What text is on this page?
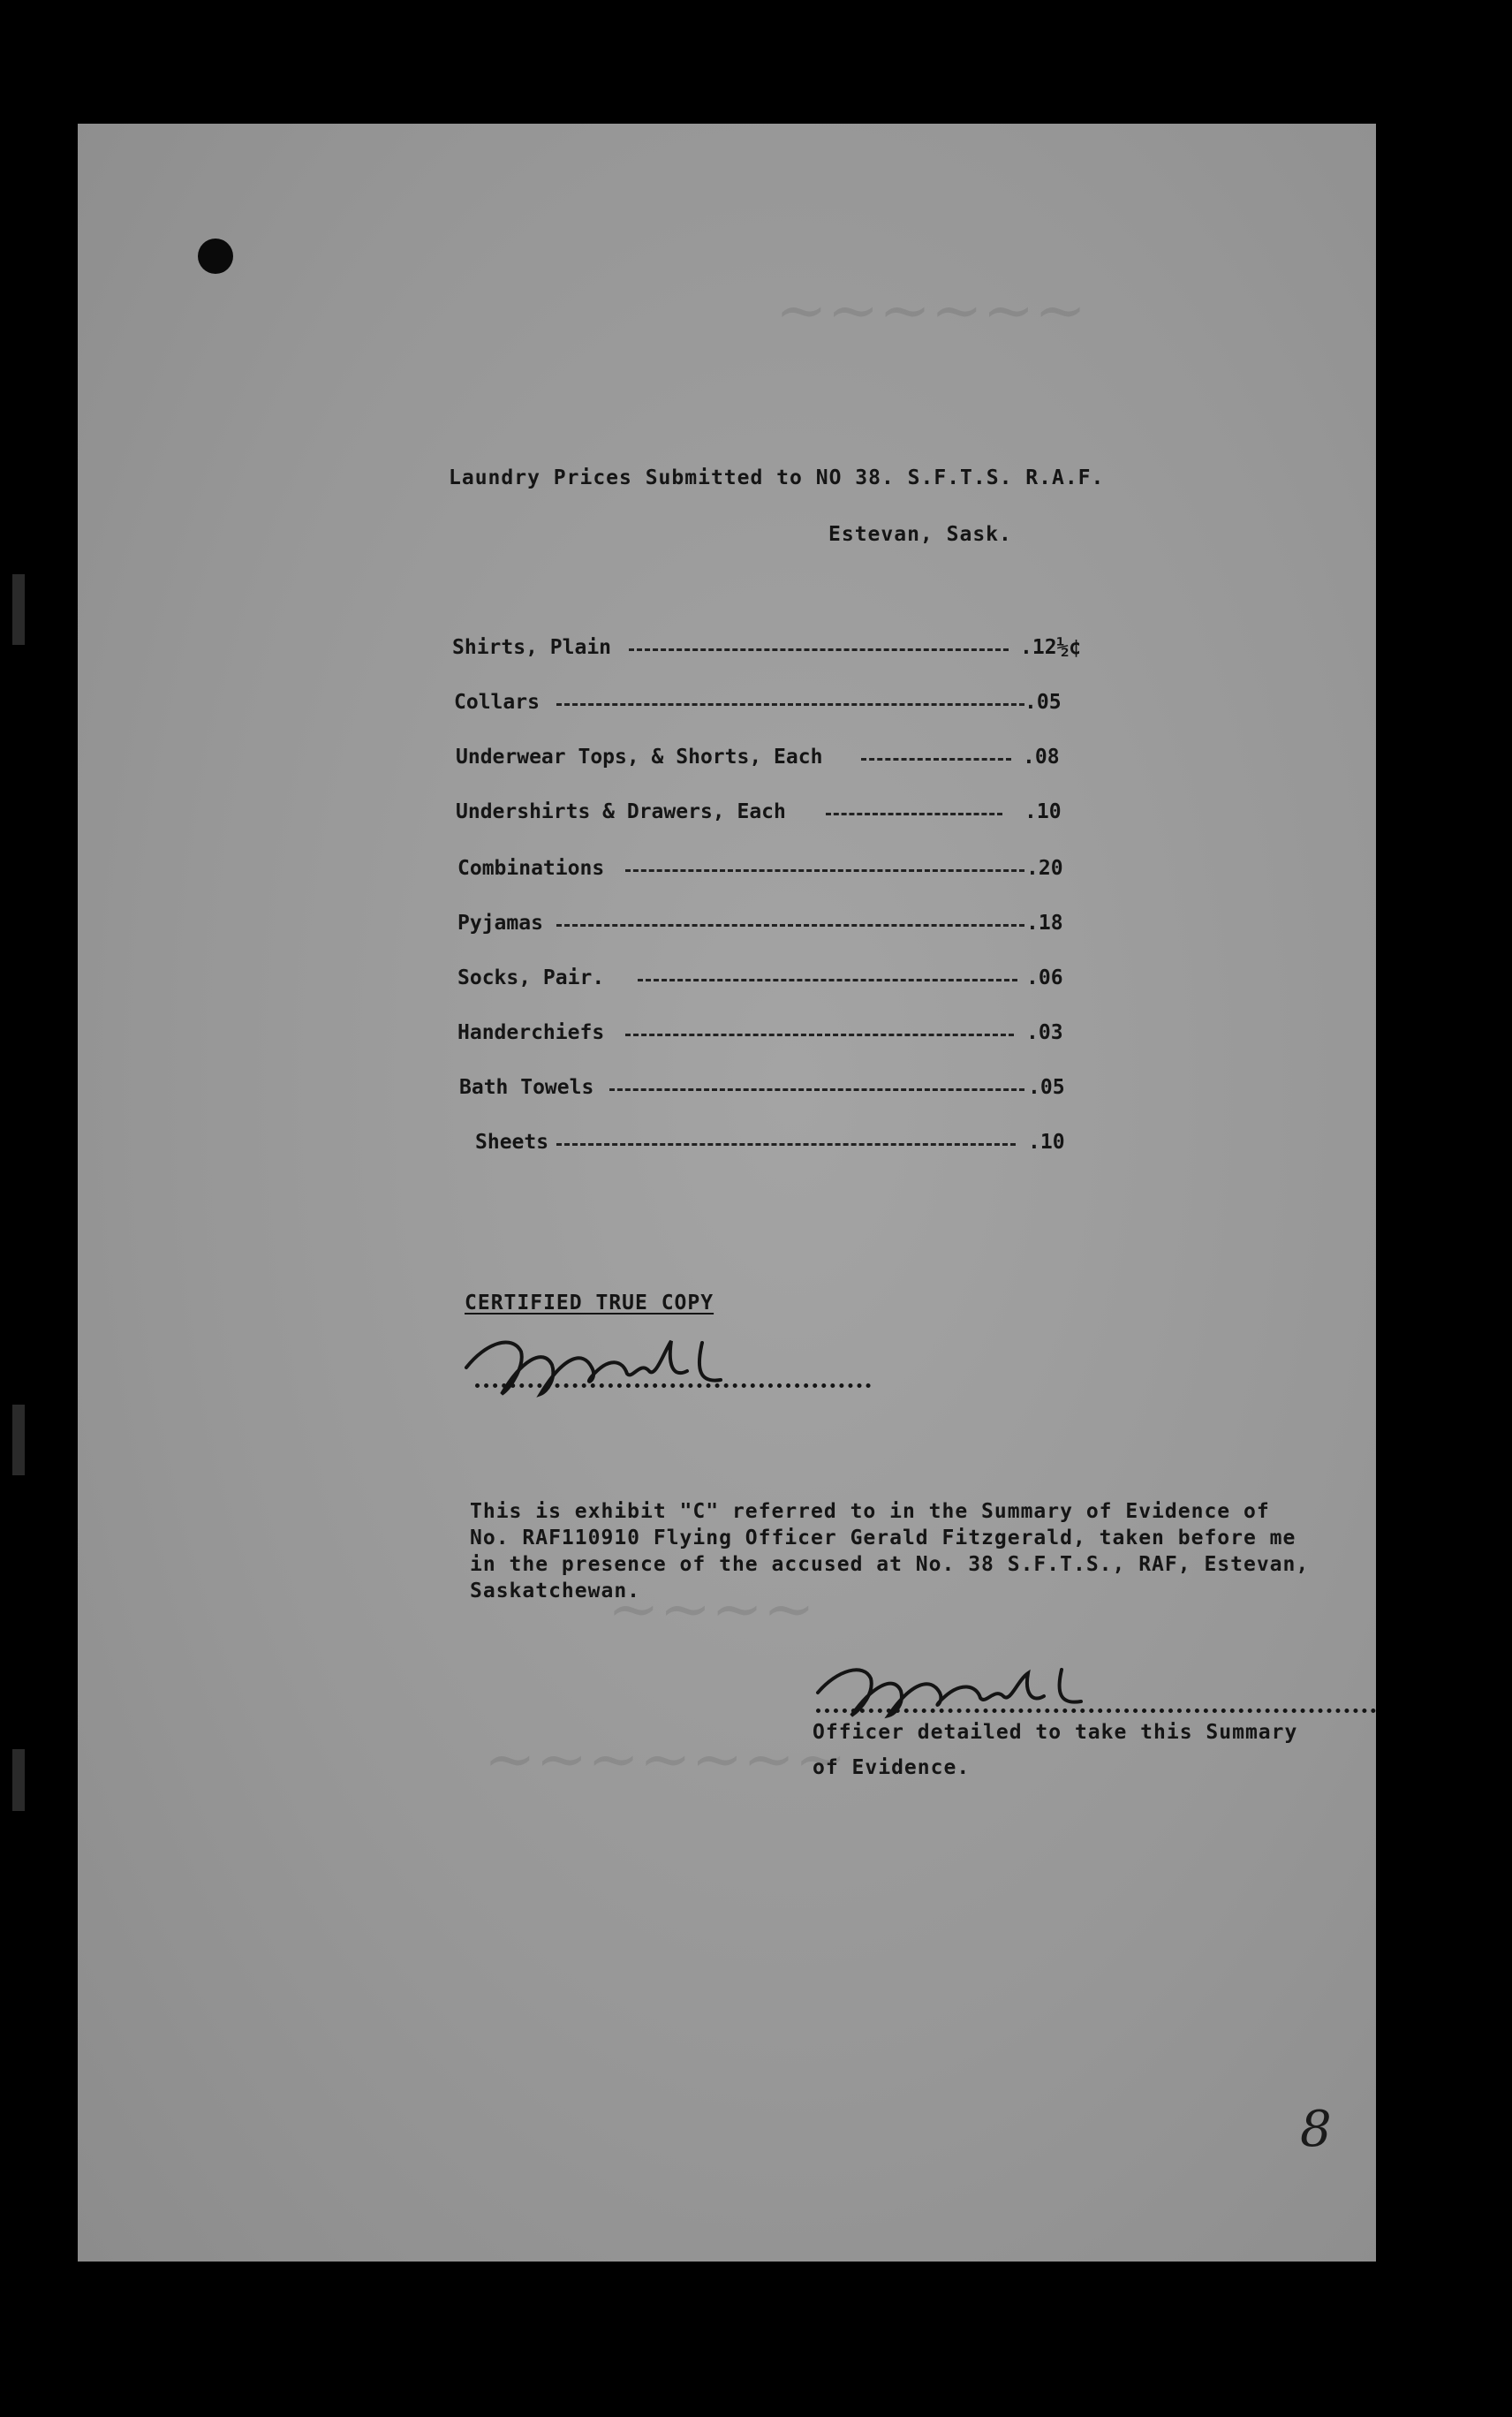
~~~~~~
~~~~
~~~~~~~
Laundry Prices Submitted to NO 38. S.F.T.S. R.A.F.
Estevan, Sask.
Shirts, Plain	.12½¢
Collars	.05
Underwear Tops, & Shorts, Each	.08
Undershirts & Drawers, Each	.10
Combinations	.20
Pyjamas	.18
Socks, Pair.	.06
Handerchiefs	.03
Bath Towels	.05
Sheets	.10
CERTIFIED TRUE COPY
This is exhibit "C" referred to in the Summary of Evidence of
No. RAF110910 Flying Officer Gerald Fitzgerald, taken before me
in the presence of the accused at No. 38 S.F.T.S., RAF, Estevan,
Saskatchewan.
Officer detailed to take this Summary
of Evidence.
8
